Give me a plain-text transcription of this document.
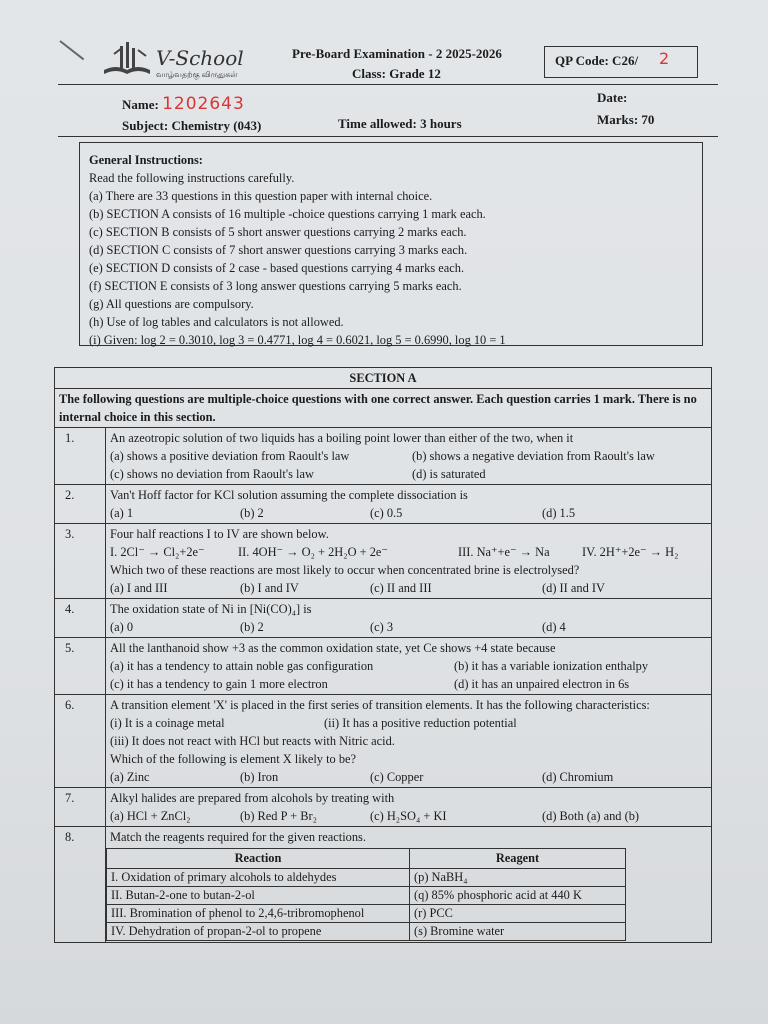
V-School
வாழ்வதற்கு விருதுகள்
Pre-Board Examination - 2 2025-2026
Class: Grade 12
QP Code: C26/ 2
Name: 1202643	Date:
Subject: Chemistry (043)	Time allowed: 3 hours	Marks: 70
General Instructions:
Read the following instructions carefully.
(a) There are 33 questions in this question paper with internal choice.
(b) SECTION A consists of 16 multiple -choice questions carrying 1 mark each.
(c) SECTION B consists of 5 short answer questions carrying 2 marks each.
(d) SECTION C consists of 7 short answer questions carrying 3 marks each.
(e) SECTION D consists of 2 case - based questions carrying 4 marks each.
(f) SECTION E consists of 3 long answer questions carrying 5 marks each.
(g) All questions are compulsory.
(h) Use of log tables and calculators is not allowed.
(i) Given: log 2 = 0.3010, log 3 = 0.4771, log 4 = 0.6021, log 5 = 0.6990, log 10 = 1
SECTION A
The following questions are multiple-choice questions with one correct answer. Each question carries 1 mark. There is no internal choice in this section.
1.	An azeotropic solution of two liquids has a boiling point lower than either of the two, when it
(a) shows a positive deviation from Raoult's law	(b) shows a negative deviation from Raoult's law
(c) shows no deviation from Raoult's law	(d) is saturated

2.	Van't Hoff factor for KCl solution assuming the complete dissociation is
(a) 1	(b) 2	(c) 0.5	(d) 1.5

3.	Four half reactions I to IV are shown below.
I. 2Cl⁻ → Cl₂+2e⁻	II. 4OH⁻ → O₂ + 2H₂O + 2e⁻	III. Na⁺+e⁻ → Na	IV. 2H⁺+2e⁻ → H₂
Which two of these reactions are most likely to occur when concentrated brine is electrolysed?
(a) I and III	(b) I and IV	(c) II and III	(d) II and IV

4.	The oxidation state of Ni in [Ni(CO)₄] is
(a) 0	(b) 2	(c) 3	(d) 4

5.	All the lanthanoid show +3 as the common oxidation state, yet Ce shows +4 state because
(a) it has a tendency to attain noble gas configuration	(b) it has a variable ionization enthalpy
(c) it has a tendency to gain 1 more electron	(d) it has an unpaired electron in 6s

6.	A transition element 'X' is placed in the first series of transition elements. It has the following characteristics:
(i) It is a coinage metal	(ii) It has a positive reduction potential
(iii) It does not react with HCl but reacts with Nitric acid.
Which of the following is element X likely to be?
(a) Zinc	(b) Iron	(c) Copper	(d) Chromium

7.	Alkyl halides are prepared from alcohols by treating with
(a) HCl + ZnCl₂	(b) Red P + Br₂	(c) H₂SO₄ + KI	(d) Both (a) and (b)

8.	Match the reagents required for the given reactions.
Reaction	Reagent
I. Oxidation of primary alcohols to aldehydes	(p) NaBH₄
II. Butan-2-one to butan-2-ol	(q) 85% phosphoric acid at 440 K
III. Bromination of phenol to 2,4,6-tribromophenol	(r) PCC
IV. Dehydration of propan-2-ol to propene	(s) Bromine water
